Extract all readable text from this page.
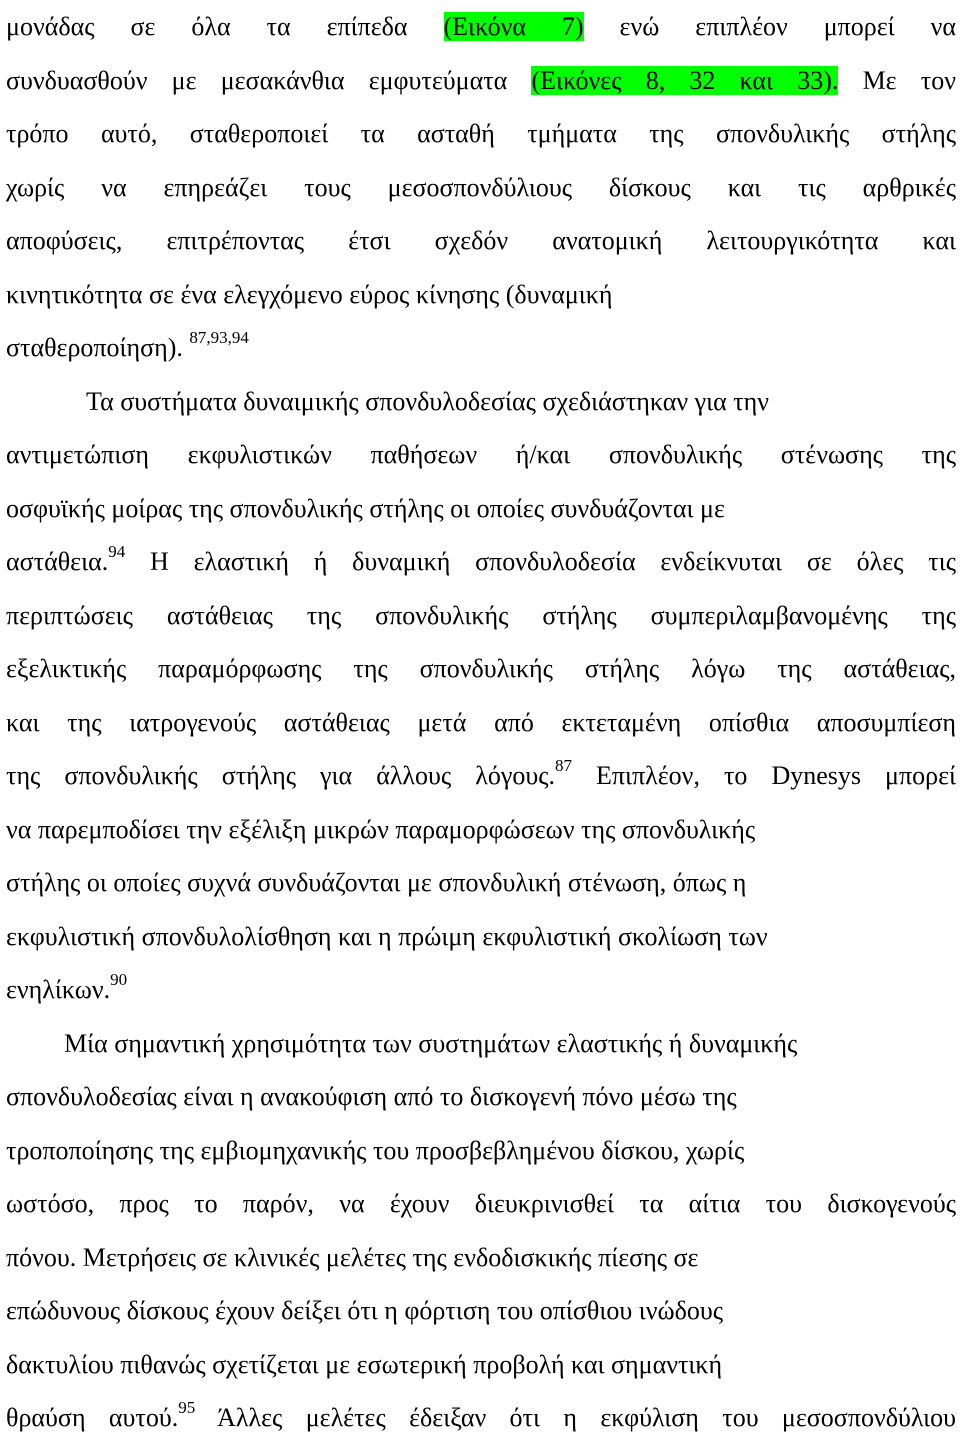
μονάδας σε όλα τα επίπεδα (Εικόνα 7) ενώ επιπλέον μπορεί να
συνδυασθούν με μεσακάνθια εμφυτεύματα (Εικόνες 8, 32 και 33). Με τον
τρόπο αυτό, σταθεροποιεί τα ασταθή τμήματα της σπονδυλικής στήλης
χωρίς να επηρεάζει τους μεσοσπονδύλιους δίσκους και τις αρθρικές
αποφύσεις, επιτρέποντας έτσι σχεδόν ανατομική λειτουργικότητα και
κινητικότητα σε ένα ελεγχόμενο εύρος κίνησης (δυναμική
σταθεροποίηση). $^{87,93,94}$
Τα συστήματα δυναιμικής σπονδυλοδεσίας σχεδιάστηκαν για την
αντιμετώπιση εκφυλιστικών παθήσεων ή/και σπονδυλικής στένωσης της
οσφυϊκής μοίρας της σπονδυλικής στήλης οι οποίες συνδυάζονται με
αστάθεια.$^{94}$ Η ελαστική ή δυναμική σπονδυλοδεσία ενδείκνυται σε όλες τις
περιπτώσεις αστάθειας της σπονδυλικής στήλης συμπεριλαμβανομένης της
εξελικτικής παραμόρφωσης της σπονδυλικής στήλης λόγω της αστάθειας,
και της ιατρογενούς αστάθειας μετά από εκτεταμένη οπίσθια αποσυμπίεση
της σπονδυλικής στήλης για άλλους λόγους.$^{87}$ Επιπλέον, το Dynesys μπορεί
να παρεμποδίσει την εξέλιξη μικρών παραμορφώσεων της σπονδυλικής
στήλης οι οποίες συχνά συνδυάζονται με σπονδυλική στένωση, όπως η
εκφυλιστική σπονδυλολίσθηση και η πρώιμη εκφυλιστική σκολίωση των
ενηλίκων.$^{90}$
Μία σημαντική χρησιμότητα των συστημάτων ελαστικής ή δυναμικής
σπονδυλοδεσίας είναι η ανακούφιση από το δισκογενή πόνο μέσω της
τροποποίησης της εμβιομηχανικής του προσβεβλημένου δίσκου, χωρίς
ωστόσο, προς το παρόν, να έχουν διευκρινισθεί τα αίτια του δισκογενούς
πόνου. Μετρήσεις σε κλινικές μελέτες της ενδοδισκικής πίεσης σε
επώδυνους δίσκους έχουν δείξει ότι η φόρτιση του οπίσθιου ινώδους
δακτυλίου πιθανώς σχετίζεται με εσωτερική προβολή και σημαντική
θραύση αυτού.$^{95}$ Άλλες μελέτες έδειξαν ότι η εκφύλιση του μεσοσπονδύλιου
